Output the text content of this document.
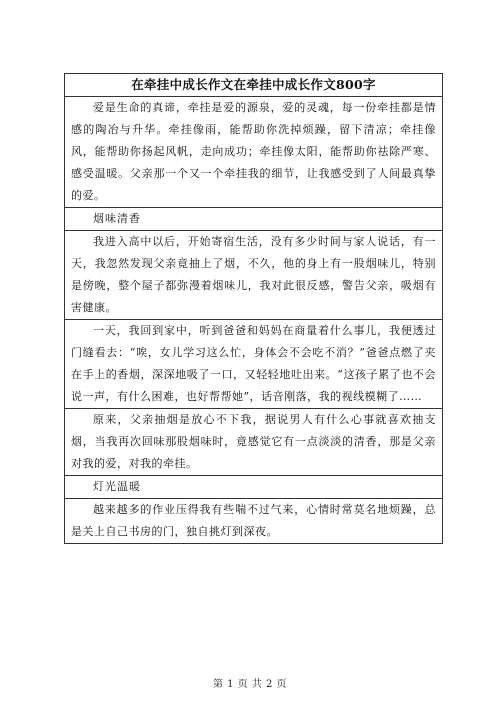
在牵挂中成长作文在牵挂中成长作文800字

爱是生命的真谛，牵挂是爱的源泉，爱的灵魂，每一份牵挂都是情感的陶冶与升华。牵挂像雨，能帮助你洗掉烦躁，留下清凉；牵挂像风，能帮助你扬起风帆，走向成功；牵挂像太阳，能帮助你祛除严寒、感受温暖。父亲那一个又一个牵挂我的细节，让我感受到了人间最真挚的爱。

烟味清香

我进入高中以后，开始寄宿生活，没有多少时间与家人说话，有一天，我忽然发现父亲竟抽上了烟，不久，他的身上有一股烟味儿，特别是傍晚，整个屋子都弥漫着烟味儿，我对此很反感，警告父亲，吸烟有害健康。

一天，我回到家中，听到爸爸和妈妈在商量着什么事儿，我便透过门缝看去：“唉，女儿学习这么忙，身体会不会吃不消？”爸爸点燃了夹在手上的香烟，深深地吸了一口，又轻轻地吐出来。“这孩子累了也不会说一声，有什么困难，也好帮帮她”，话音刚落，我的视线模糊了……

原来，父亲抽烟是放心不下我，据说男人有什么心事就喜欢抽支烟，当我再次回味那股烟味时，竟感觉它有一点淡淡的清香，那是父亲对我的爱，对我的牵挂。

灯光温暖

越来越多的作业压得我有些喘不过气来，心情时常莫名地烦躁，总是关上自己书房的门，独自挑灯到深夜。

第 1 页 共 2 页
